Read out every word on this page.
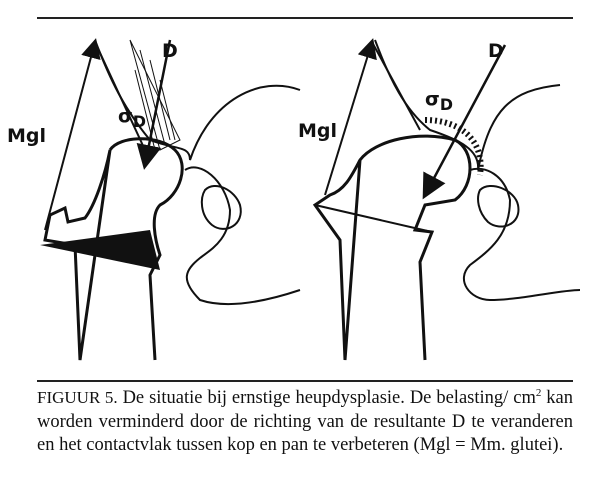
D
$\sigma_D$
Mgl
D
$\sigma_D$
Mgl
FIGUUR 5. De situatie bij ernstige heupdysplasie. De belasting/ $cm^2$ kan worden verminderd door de richting van de resultante D te veranderen en het contactvlak tussen kop en pan te verbeteren (Mgl = Mm. glutei).
